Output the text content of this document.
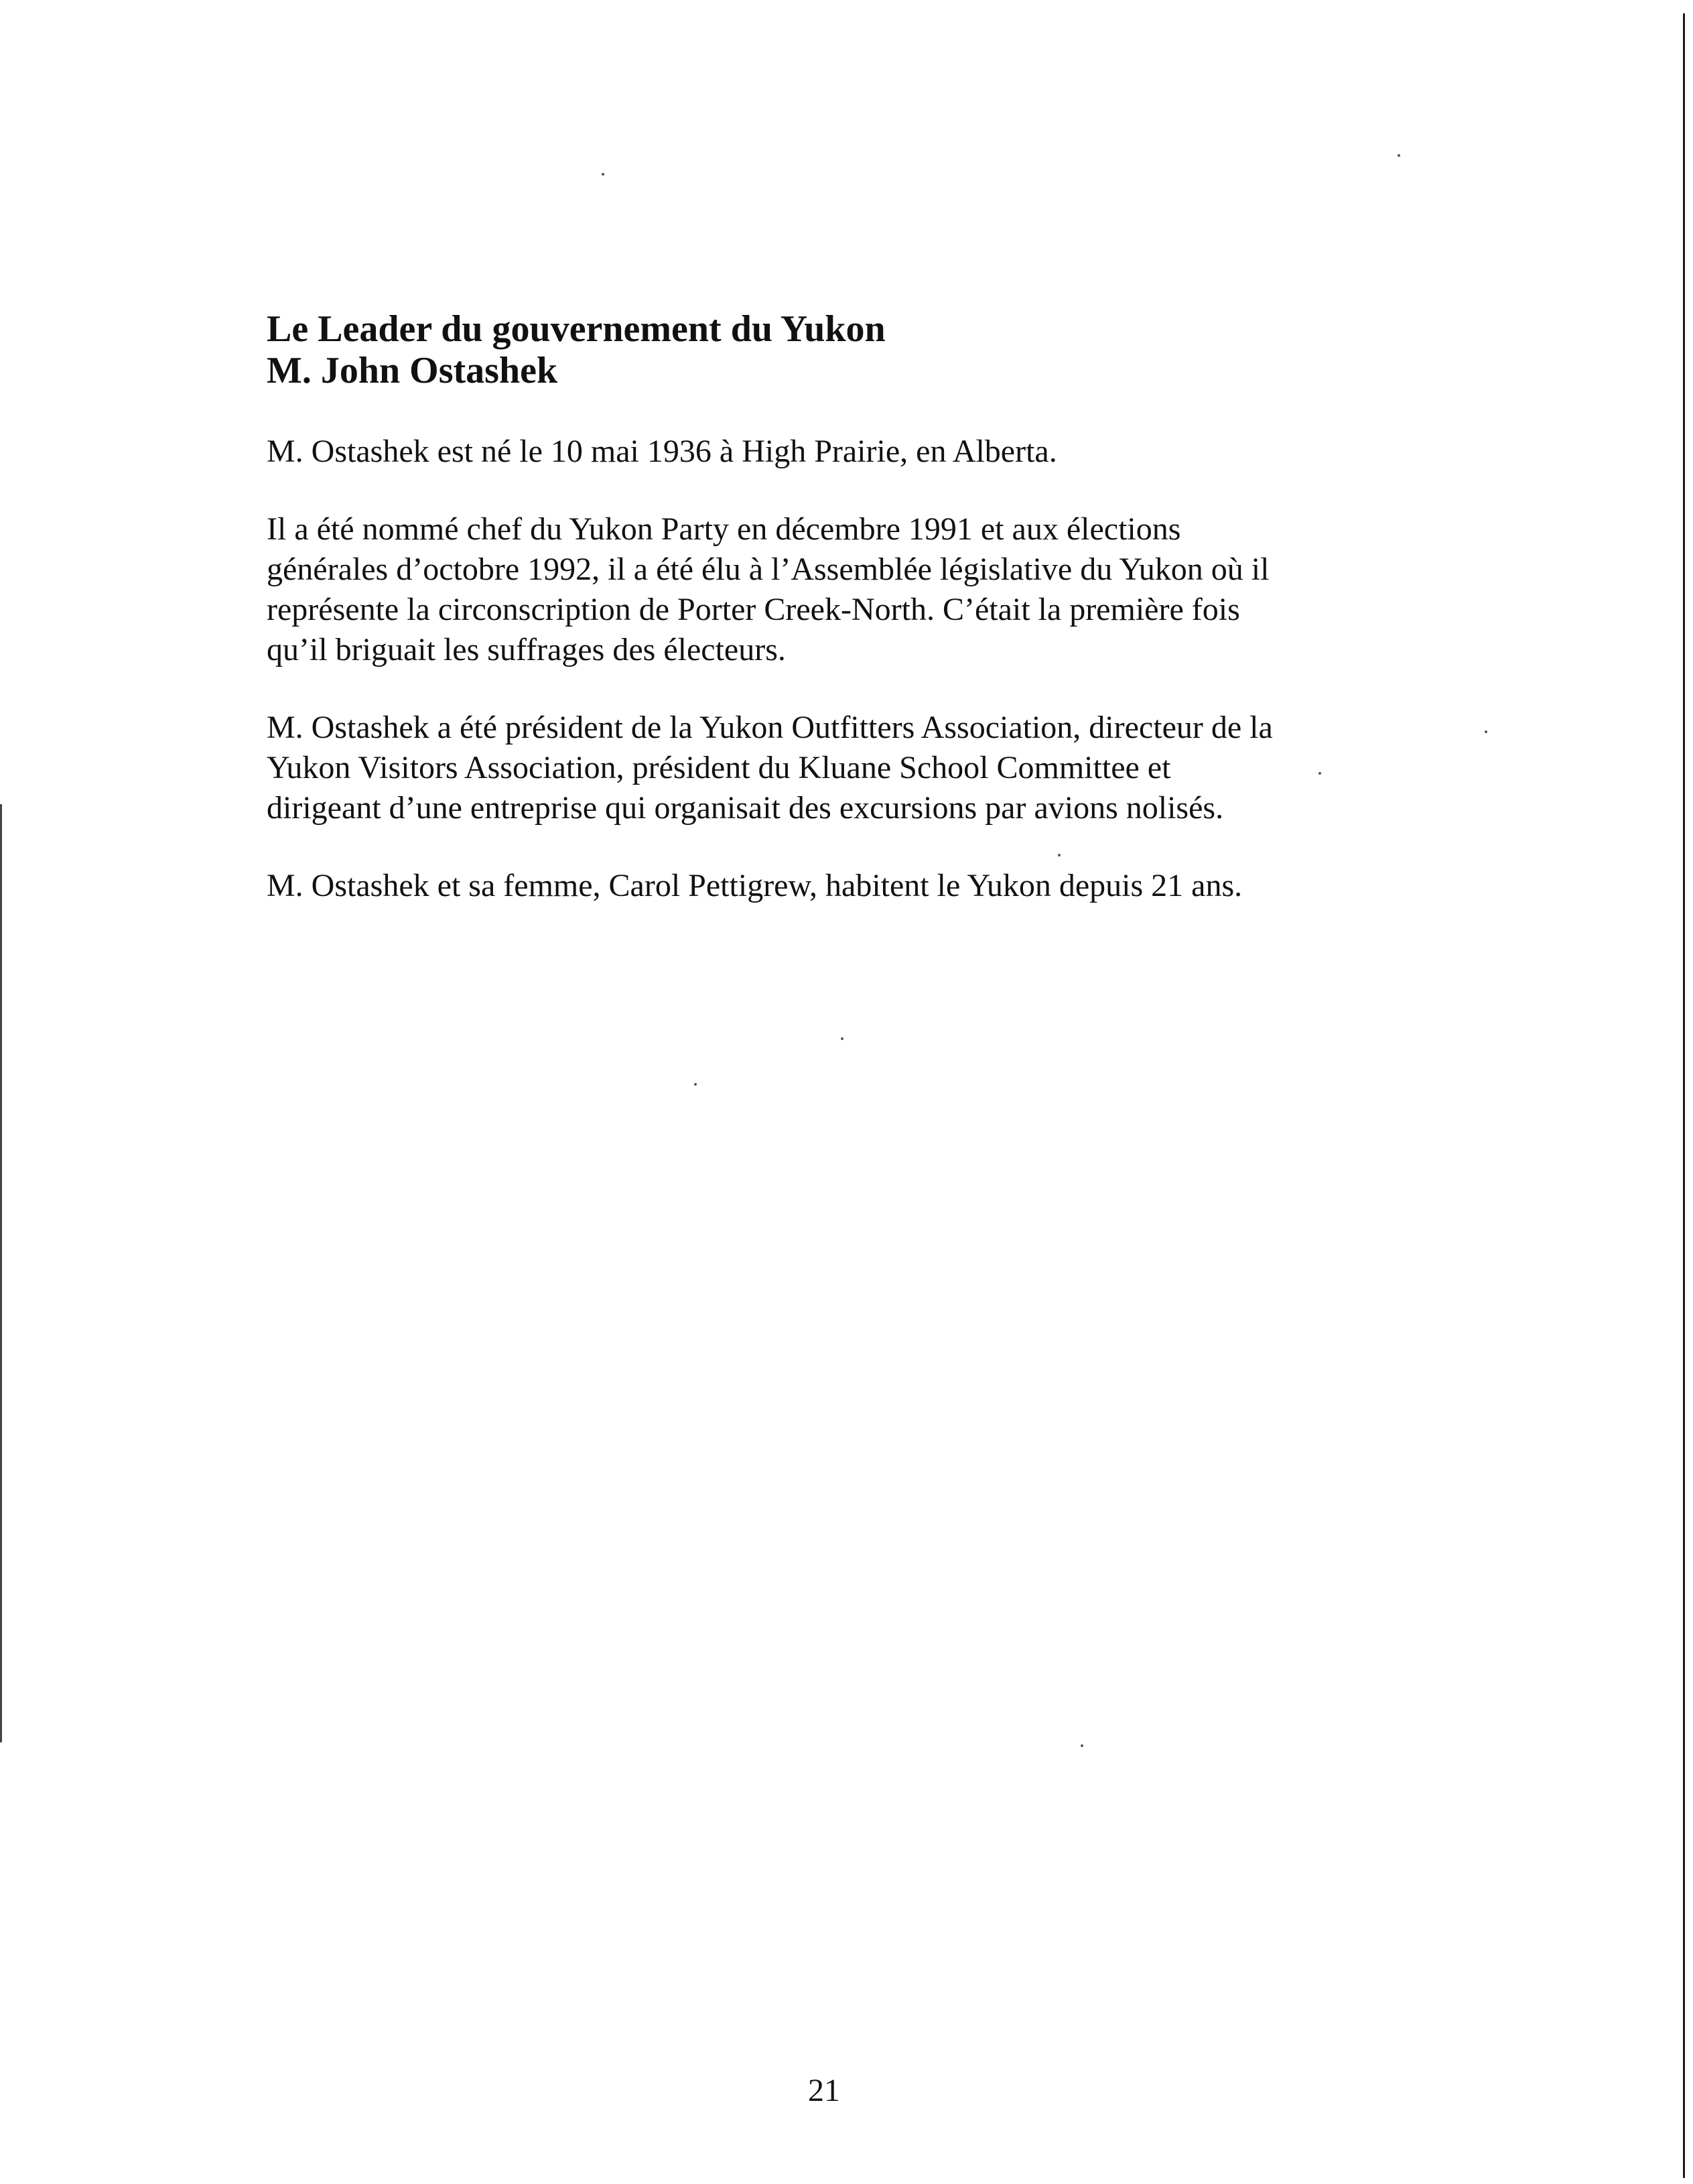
Le Leader du gouvernement du Yukon
M. John Ostashek

M. Ostashek est né le 10 mai 1936 à High Prairie, en Alberta.

Il a été nommé chef du Yukon Party en décembre 1991 et aux élections
générales d’octobre 1992, il a été élu à l’Assemblée législative du Yukon où il
représente la circonscription de Porter Creek-North. C’était la première fois
qu’il briguait les suffrages des électeurs.

M. Ostashek a été président de la Yukon Outfitters Association, directeur de la
Yukon Visitors Association, président du Kluane School Committee et
dirigeant d’une entreprise qui organisait des excursions par avions nolisés.

M. Ostashek et sa femme, Carol Pettigrew, habitent le Yukon depuis 21 ans.

21
